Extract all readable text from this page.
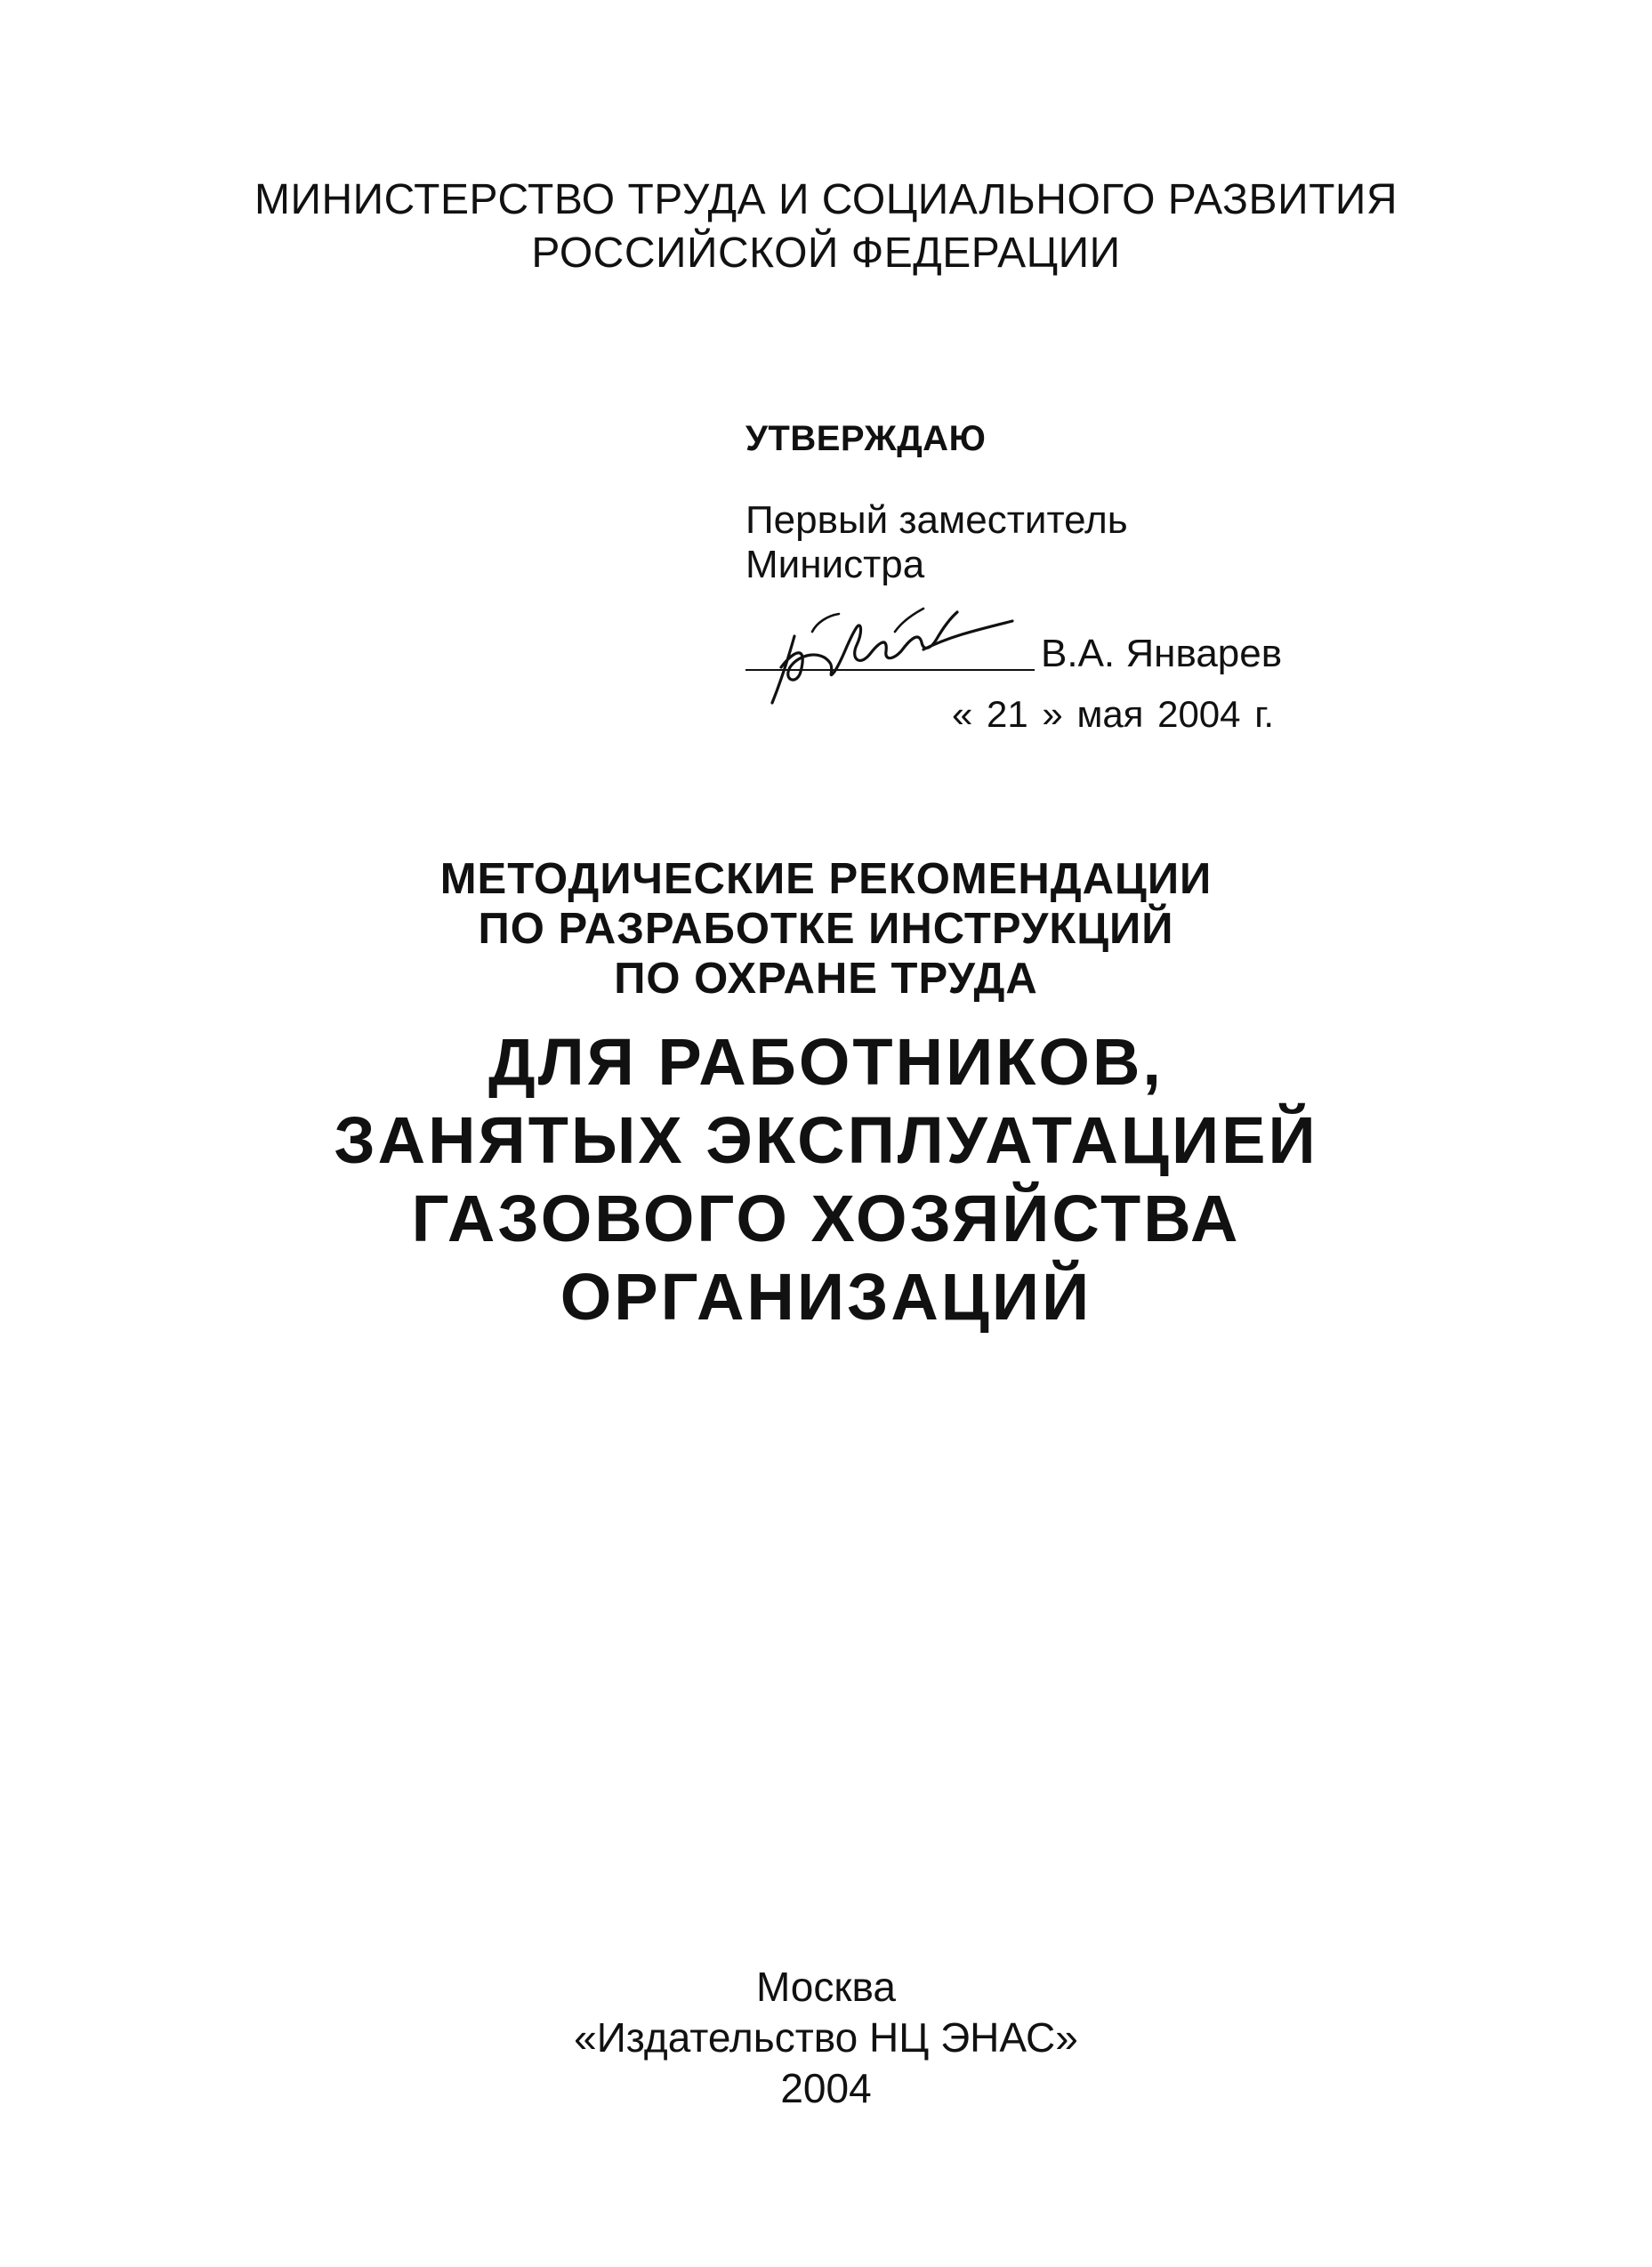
МИНИСТЕРСТВО ТРУДА И СОЦИАЛЬНОГО РАЗВИТИЯ
РОССИЙСКОЙ ФЕДЕРАЦИИ
УТВЕРЖДАЮ
Первый заместитель
Министра
В.А. Январев
« 21 » мая 2004 г.
МЕТОДИЧЕСКИЕ РЕКОМЕНДАЦИИ
ПО РАЗРАБОТКЕ ИНСТРУКЦИЙ
ПО ОХРАНЕ ТРУДА
ДЛЯ РАБОТНИКОВ,
ЗАНЯТЫХ ЭКСПЛУАТАЦИЕЙ
ГАЗОВОГО ХОЗЯЙСТВА
ОРГАНИЗАЦИЙ
Москва
«Издательство НЦ ЭНАС»
2004
